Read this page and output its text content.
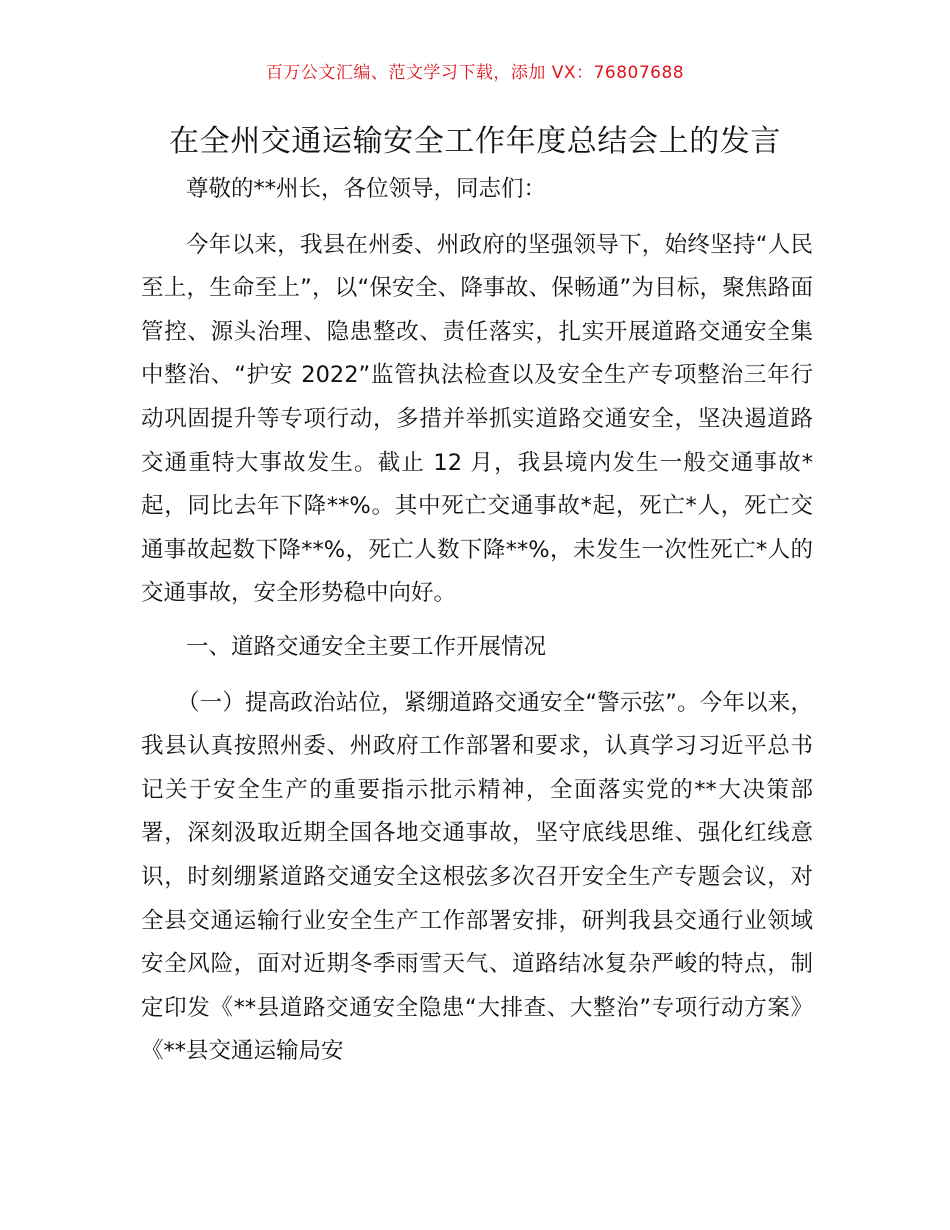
百万公文汇编、范文学习下载，添加 VX：76807688
在全州交通运输安全工作年度总结会上的发言

尊敬的**州长，各位领导，同志们：

今年以来，我县在州委、州政府的坚强领导下，始终坚持“人民至上，生命至上”，以“保安全、降事故、保畅通”为目标，聚焦路面管控、源头治理、隐患整改、责任落实，扎实开展道路交通安全集中整治、“护安 2022”监管执法检查以及安全生产专项整治三年行动巩固提升等专项行动，多措并举抓实道路交通安全，坚决遏道路交通重特大事故发生。截止 12 月，我县境内发生一般交通事故*起，同比去年下降**%。其中死亡交通事故*起，死亡*人，死亡交通事故起数下降**%，死亡人数下降**%，未发生一次性死亡*人的交通事故，安全形势稳中向好。

一、道路交通安全主要工作开展情况

（一）提高政治站位，紧绷道路交通安全“警示弦”。今年以来，我县认真按照州委、州政府工作部署和要求，认真学习习近平总书记关于安全生产的重要指示批示精神，全面落实党的**大决策部署，深刻汲取近期全国各地交通事故，坚守底线思维、强化红线意识，时刻绷紧道路交通安全这根弦多次召开安全生产专题会议，对全县交通运输行业安全生产工作部署安排，研判我县交通行业领域安全风险，面对近期冬季雨雪天气、道路结冰复杂严峻的特点，制定印发《**县道路交通安全隐患“大排查、大整治”专项行动方案》《**县交通运输局安
